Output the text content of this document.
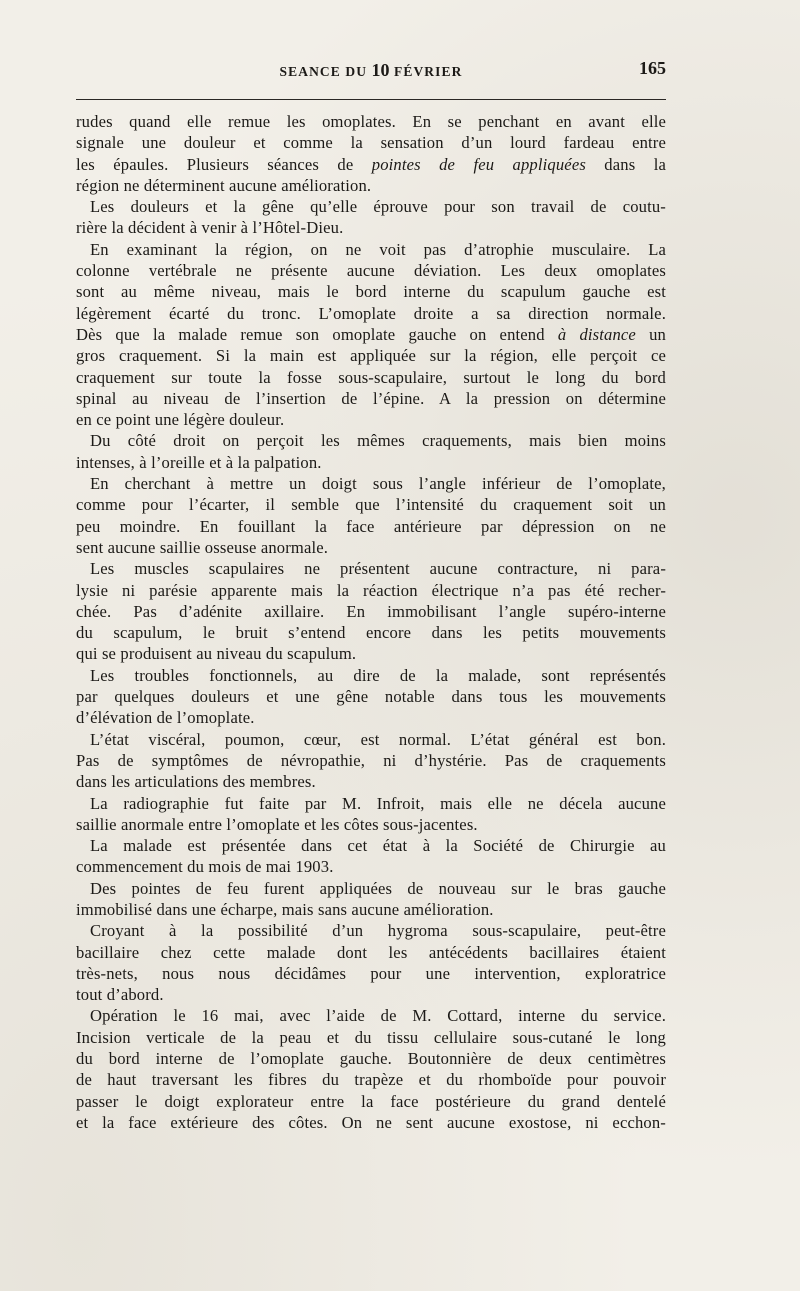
SEANCE DU 10 FÉVRIER	165
rudes quand elle remue les omoplates. En se penchant en avant elle
signale une douleur et comme la sensation d’un lourd fardeau entre
les épaules. Plusieurs séances de pointes de feu appliquées dans la
région ne déterminent aucune amélioration.
Les douleurs et la gêne qu’elle éprouve pour son travail de coutu-
rière la décident à venir à l’Hôtel-Dieu.
En examinant la région, on ne voit pas d’atrophie musculaire. La
colonne vertébrale ne présente aucune déviation. Les deux omoplates
sont au même niveau, mais le bord interne du scapulum gauche est
légèrement écarté du tronc. L’omoplate droite a sa direction normale.
Dès que la malade remue son omoplate gauche on entend à distance un
gros craquement. Si la main est appliquée sur la région, elle perçoit ce
craquement sur toute la fosse sous-scapulaire, surtout le long du bord
spinal au niveau de l’insertion de l’épine. A la pression on détermine
en ce point une légère douleur.
Du côté droit on perçoit les mêmes craquements, mais bien moins
intenses, à l’oreille et à la palpation.
En cherchant à mettre un doigt sous l’angle inférieur de l’omoplate,
comme pour l’écarter, il semble que l’intensité du craquement soit un
peu moindre. En fouillant la face antérieure par dépression on ne
sent aucune saillie osseuse anormale.
Les muscles scapulaires ne présentent aucune contracture, ni para-
lysie ni parésie apparente mais la réaction électrique n’a pas été recher-
chée. Pas d’adénite axillaire. En immobilisant l’angle supéro-interne
du scapulum, le bruit s’entend encore dans les petits mouvements
qui se produisent au niveau du scapulum.
Les troubles fonctionnels, au dire de la malade, sont représentés
par quelques douleurs et une gêne notable dans tous les mouvements
d’élévation de l’omoplate.
L’état viscéral, poumon, cœur, est normal. L’état général est bon.
Pas de symptômes de névropathie, ni d’hystérie. Pas de craquements
dans les articulations des membres.
La radiographie fut faite par M. Infroit, mais elle ne décela aucune
saillie anormale entre l’omoplate et les côtes sous-jacentes.
La malade est présentée dans cet état à la Société de Chirurgie au
commencement du mois de mai 1903.
Des pointes de feu furent appliquées de nouveau sur le bras gauche
immobilisé dans une écharpe, mais sans aucune amélioration.
Croyant à la possibilité d’un hygroma sous-scapulaire, peut-être
bacillaire chez cette malade dont les antécédents bacillaires étaient
très-nets, nous nous décidâmes pour une intervention, exploratrice
tout d’abord.
Opération le 16 mai, avec l’aide de M. Cottard, interne du service.
Incision verticale de la peau et du tissu cellulaire sous-cutané le long
du bord interne de l’omoplate gauche. Boutonnière de deux centimètres
de haut traversant les fibres du trapèze et du rhomboïde pour pouvoir
passer le doigt explorateur entre la face postérieure du grand dentelé
et la face extérieure des côtes. On ne sent aucune exostose, ni ecchon-
